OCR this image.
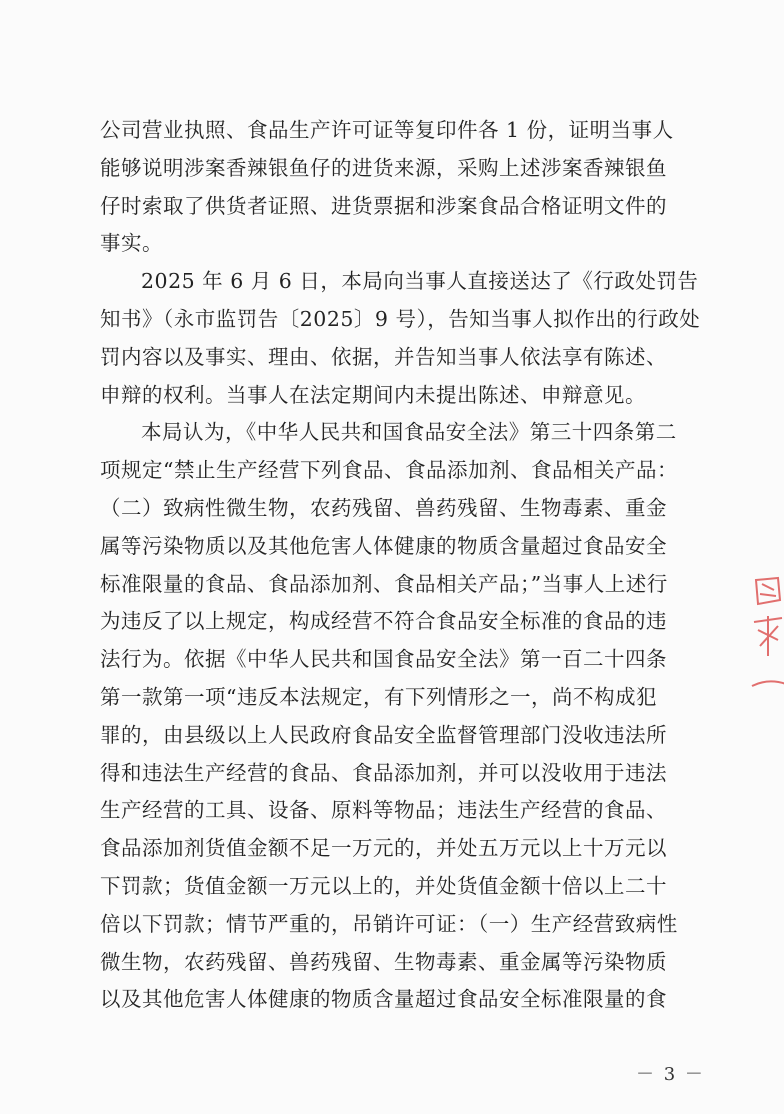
公司营业执照、食品生产许可证等复印件各 1 份，证明当事人
能够说明涉案香辣银鱼仔的进货来源，采购上述涉案香辣银鱼
仔时索取了供货者证照、进货票据和涉案食品合格证明文件的
事实。
2025 年 6 月 6 日，本局向当事人直接送达了《行政处罚告
知书》（永市监罚告〔2025〕9 号），告知当事人拟作出的行政处
罚内容以及事实、理由、依据，并告知当事人依法享有陈述、
申辩的权利。当事人在法定期间内未提出陈述、申辩意见。
本局认为，《中华人民共和国食品安全法》第三十四条第二
项规定“禁止生产经营下列食品、食品添加剂、食品相关产品：
（二）致病性微生物，农药残留、兽药残留、生物毒素、重金
属等污染物质以及其他危害人体健康的物质含量超过食品安全
标准限量的食品、食品添加剂、食品相关产品；”当事人上述行
为违反了以上规定，构成经营不符合食品安全标准的食品的违
法行为。依据《中华人民共和国食品安全法》第一百二十四条
第一款第一项“违反本法规定，有下列情形之一，尚不构成犯
罪的，由县级以上人民政府食品安全监督管理部门没收违法所
得和违法生产经营的食品、食品添加剂，并可以没收用于违法
生产经营的工具、设备、原料等物品；违法生产经营的食品、
食品添加剂货值金额不足一万元的，并处五万元以上十万元以
下罚款；货值金额一万元以上的，并处货值金额十倍以上二十
倍以下罚款；情节严重的，吊销许可证：（一）生产经营致病性
微生物，农药残留、兽药残留、生物毒素、重金属等污染物质
以及其他危害人体健康的物质含量超过食品安全标准限量的食
－ 3 －
